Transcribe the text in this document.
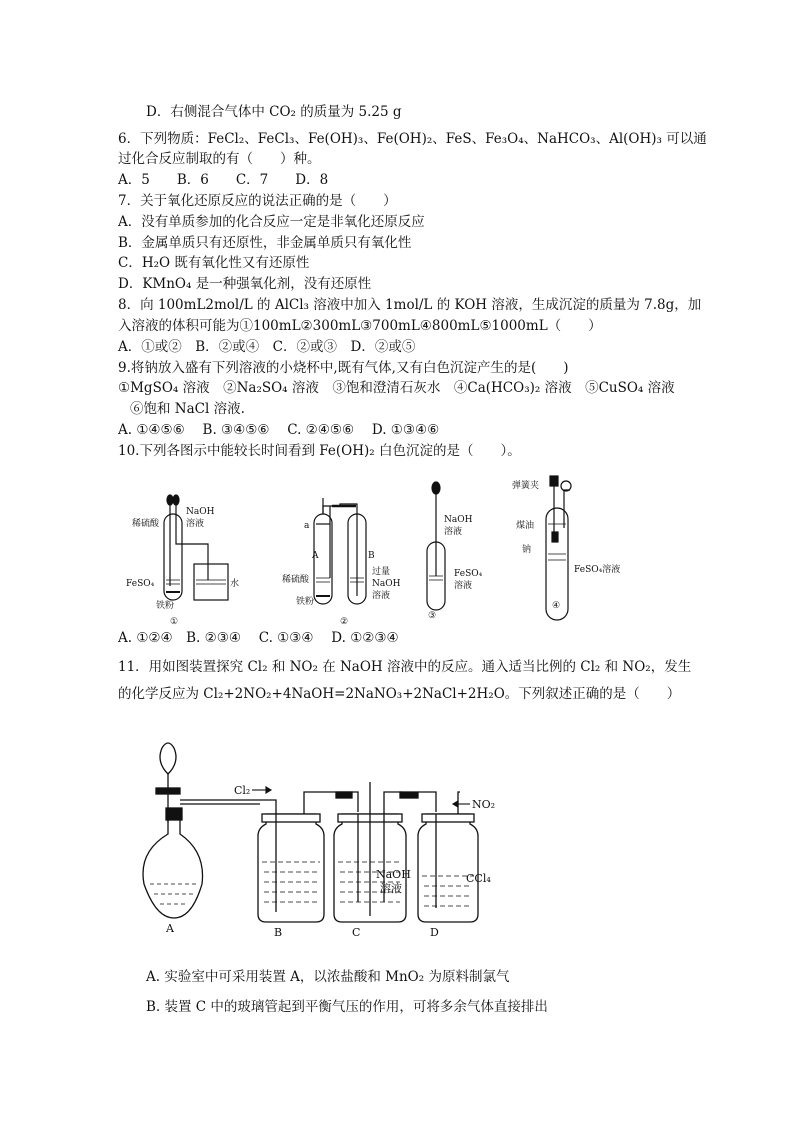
D．右侧混合气体中 CO₂ 的质量为 5.25 g
6．下列物质：FeCl₂、FeCl₃、Fe(OH)₃、Fe(OH)₂、FeS、Fe₃O₄、NaHCO₃、Al(OH)₃ 可以通
过化合反应制取的有（　　）种。
A．5　　B．6　　C．7　　D．8
7．关于氧化还原反应的说法正确的是（　　）
A．没有单质参加的化合反应一定是非氧化还原反应
B．金属单质只有还原性，非金属单质只有氧化性
C．H₂O 既有氧化性又有还原性
D．KMnO₄ 是一种强氧化剂，没有还原性
8．向 100mL2mol/L 的 AlCl₃ 溶液中加入 1mol/L 的 KOH 溶液，生成沉淀的质量为 7.8g，加
入溶液的体积可能为①100mL②300mL③700mL④800mL⑤1000mL（　　）
A．①或②　B．②或④　C．②或③　D．②或⑤
9.将钠放入盛有下列溶液的小烧杯中,既有气体,又有白色沉淀产生的是(　　)
①MgSO₄ 溶液　②Na₂SO₄ 溶液　③饱和澄清石灰水　④Ca(HCO₃)₂ 溶液　⑤CuSO₄ 溶液
⑥饱和 NaCl 溶液.
A. ①④⑤⑥　 B. ③④⑤⑥　 C. ②④⑤⑥　 D. ①③④⑥
10.下列各图示中能较长时间看到 Fe(OH)₂ 白色沉淀的是（　　）。
稀硫酸
NaOH
溶液
FeSO₄
铁粉
水
①
a
A	B
稀硫酸
铁粉
过量
NaOH
溶液
②
NaOH
溶液
FeSO₄
溶液
③
弹簧夹
煤油
钠
FeSO₄溶液
④
A. ①②④　B. ②③④　 C. ①③④　 D. ①②③④
11．用如图装置探究 Cl₂ 和 NO₂ 在 NaOH 溶液中的反应。通入适当比例的 Cl₂ 和 NO₂，发生
的化学反应为 Cl₂+2NO₂+4NaOH=2NaNO₃+2NaCl+2H₂O。下列叙述正确的是（　　）
Cl₂
NO₂
NaOH
溶液
CCl₄
A	B	C	D
A. 实验室中可采用装置 A，以浓盐酸和 MnO₂ 为原料制氯气
B. 装置 C 中的玻璃管起到平衡气压的作用，可将多余气体直接排出
